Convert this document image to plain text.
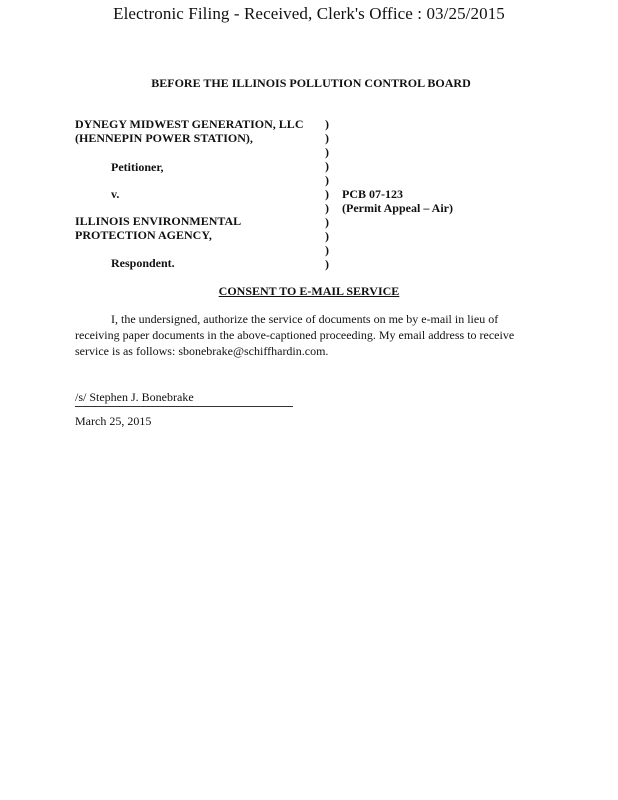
Electronic Filing - Received, Clerk's Office : 03/25/2015
BEFORE THE ILLINOIS POLLUTION CONTROL BOARD
DYNEGY MIDWEST GENERATION, LLC
(HENNEPIN POWER STATION),
Petitioner,
v.
ILLINOIS ENVIRONMENTAL
PROTECTION AGENCY,
Respondent.
)
)
)
)
)
)
)
)
)
)
)
PCB 07-123
(Permit Appeal – Air)
CONSENT TO E-MAIL SERVICE
I, the undersigned, authorize the service of documents on me by e-mail in lieu of
receiving paper documents in the above-captioned proceeding. My email address to receive
service is as follows: sbonebrake@schiffhardin.com.
/s/ Stephen J. Bonebrake
March 25, 2015
